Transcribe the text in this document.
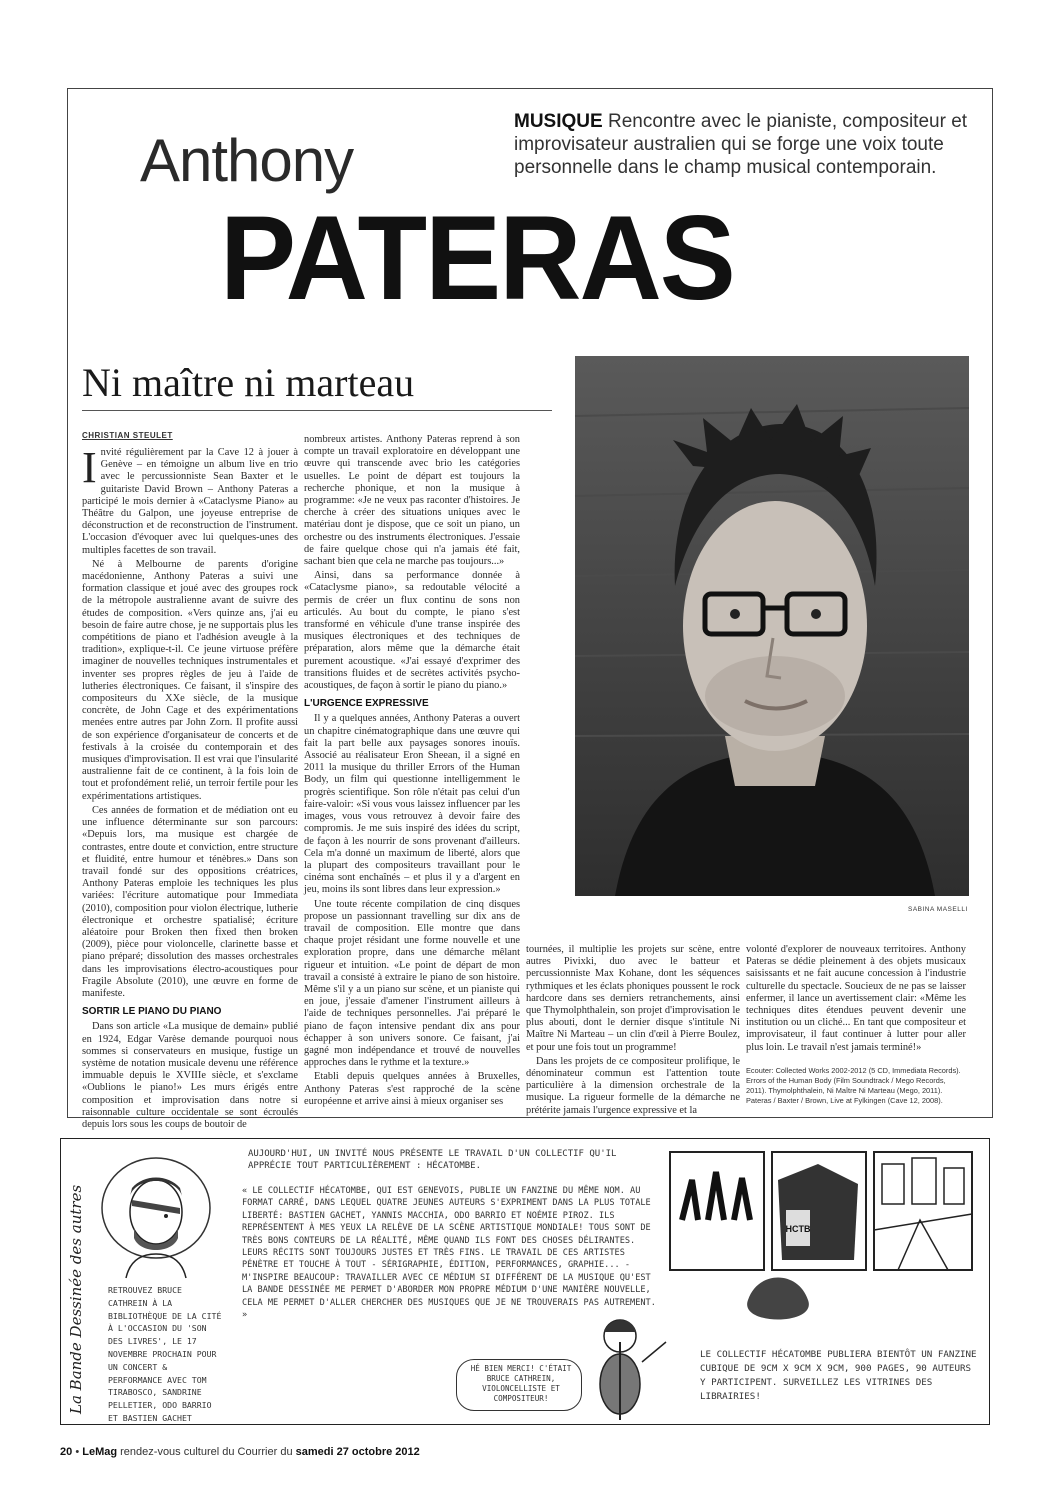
MUSIQUE Rencontre avec le pianiste, compositeur et improvisateur australien qui se forge une voix toute personnelle dans le champ musical contemporain.
Anthony
PATERAS
Ni maître ni marteau
CHRISTIAN STEULET

Invité régulièrement par la Cave 12 à jouer à Genève – en témoigne un album live en trio avec le percussionniste Sean Baxter et le guitariste David Brown – Anthony Pateras a participé le mois dernier à «Cataclysme Piano» au Théâtre du Galpon, une joyeuse entreprise de déconstruction et de reconstruction de l'instrument. L'occasion d'évoquer avec lui quelques-unes des multiples facettes de son travail.

Né à Melbourne de parents d'origine macédonienne, Anthony Pateras a suivi une formation classique et joué avec des groupes rock de la métropole australienne avant de suivre des études de composition. «Vers quinze ans, j'ai eu besoin de faire autre chose, je ne supportais plus les compétitions de piano et l'adhésion aveugle à la tradition», explique-t-il. Ce jeune virtuose préfère imaginer de nouvelles techniques instrumentales et inventer ses propres règles de jeu à l'aide de lutheries électroniques. Ce faisant, il s'inspire des compositeurs du XXe siècle, de la musique concrète, de John Cage et des expérimentations menées entre autres par John Zorn. Il profite aussi de son expérience d'organisateur de concerts et de festivals à la croisée du contemporain et des musiques d'improvisation. Il est vrai que l'insularité australienne fait de ce continent, à la fois loin de tout et profondément relié, un terroir fertile pour les expérimentations artistiques.

Ces années de formation et de médiation ont eu une influence déterminante sur son parcours: «Depuis lors, ma musique est chargée de contrastes, entre doute et conviction, entre structure et fluidité, entre humour et ténèbres.» Dans son travail fondé sur des oppositions créatrices, Anthony Pateras emploie les techniques les plus variées: l'écriture automatique pour Immediata (2010), composition pour violon électrique, lutherie électronique et orchestre spatialisé; écriture aléatoire pour Broken then fixed then broken (2009), pièce pour violoncelle, clarinette basse et piano préparé; dissolution des masses orchestrales dans les improvisations électro-acoustiques pour Fragile Absolute (2010), une œuvre en forme de manifeste.

SORTIR LE PIANO DU PIANO

Dans son article «La musique de demain» publié en 1924, Edgar Varèse demande pourquoi nous sommes si conservateurs en musique, fustige un système de notation musicale devenu une référence immuable depuis le XVIIIe siècle, et s'exclame «Oublions le piano!» Les murs érigés entre composition et improvisation dans notre si raisonnable culture occidentale se sont écroulés depuis lors sous les coups de boutoir de

nombreux artistes. Anthony Pateras reprend à son compte un travail exploratoire en développant une œuvre qui transcende avec brio les catégories usuelles. Le point de départ est toujours la recherche phonique, et non la musique à programme: «Je ne veux pas raconter d'histoires. Je cherche à créer des situations uniques avec le matériau dont je dispose, que ce soit un piano, un orchestre ou des instruments électroniques. J'essaie de faire quelque chose qui n'a jamais été fait, sachant bien que cela ne marche pas toujours...»

Ainsi, dans sa performance donnée à «Cataclysme piano», sa redoutable vélocité a permis de créer un flux continu de sons non articulés. Au bout du compte, le piano s'est transformé en véhicule d'une transe inspirée des musiques électroniques et des techniques de préparation, alors même que la démarche était purement acoustique. «J'ai essayé d'exprimer des transitions fluides et de secrètes activités psycho-acoustiques, de façon à sortir le piano du piano.»

L'URGENCE EXPRESSIVE

Il y a quelques années, Anthony Pateras a ouvert un chapitre cinématographique dans une œuvre qui fait la part belle aux paysages sonores inouïs. Associé au réalisateur Eron Sheean, il a signé en 2011 la musique du thriller Errors of the Human Body, un film qui questionne intelligemment le progrès scientifique. Son rôle n'était pas celui d'un faire-valoir: «Si vous vous laissez influencer par les images, vous vous retrouvez à devoir faire des compromis. Je me suis inspiré des idées du script, de façon à les nourrir de sons provenant d'ailleurs. Cela m'a donné un maximum de liberté, alors que la plupart des compositeurs travaillant pour le cinéma sont enchaînés – et plus il y a d'argent en jeu, moins ils sont libres dans leur expression.»

Une toute récente compilation de cinq disques propose un passionnant travelling sur dix ans de travail de composition. Elle montre que dans chaque projet résidant une forme nouvelle et une exploration propre, dans une démarche mêlant rigueur et intuition. «Le point de départ de mon travail a consisté à extraire le piano de son histoire. Même s'il y a un piano sur scène, et un pianiste qui en joue, j'essaie d'amener l'instrument ailleurs à l'aide de techniques personnelles. J'ai préparé le piano de façon intensive pendant dix ans pour échapper à son univers sonore. Ce faisant, j'ai gagné mon indépendance et trouvé de nouvelles approches dans le rythme et la texture.»

Etabli depuis quelques années à Bruxelles, Anthony Pateras s'est rapproché de la scène européenne et arrive ainsi à mieux organiser ses

SABINA MASELLI

tournées, il multiplie les projets sur scène, entre autres Pivixki, duo avec le batteur et percussionniste Max Kohane, dont les séquences rythmiques et les éclats phoniques poussent le rock hardcore dans ses derniers retranchements, ainsi que Thymolphthalein, son projet d'improvisation le plus abouti, dont le dernier disque s'intitule Ni Maître Ni Marteau – un clin d'œil à Pierre Boulez, et pour une fois tout un programme!

Dans les projets de ce compositeur prolifique, le dénominateur commun est l'attention toute particulière à la dimension orchestrale de la musique. La rigueur formelle de la démarche ne prétérite jamais l'urgence expressive et la

volonté d'explorer de nouveaux territoires. Anthony Pateras se dédie pleinement à des objets musicaux saisissants et ne fait aucune concession à l'industrie culturelle du spectacle. Soucieux de ne pas se laisser enfermer, il lance un avertissement clair: «Même les techniques dites étendues peuvent devenir une institution ou un cliché... En tant que compositeur et improvisateur, il faut continuer à lutter pour aller plus loin. Le travail n'est jamais terminé!»

Ecouter: Collected Works 2002-2012 (5 CD, Immediata Records). Errors of the Human Body (Film Soundtrack / Mego Records, 2011). Thymolphthalein, Ni Maître Ni Marteau (Mego, 2011). Pateras / Baxter / Brown, Live at Fylkingen (Cave 12, 2008).
La Bande Dessinée des autres
AUJOURD'HUI, UN INVITÉ NOUS PRÉSENTE LE TRAVAIL D'UN COLLECTIF QU'IL APPRÉCIE TOUT PARTICULIÈREMENT : HÉCATOMBE.
« LE COLLECTIF HÉCATOMBE, QUI EST GENEVOIS, PUBLIE UN FANZINE DU MÊME NOM. AU FORMAT CARRÉ, DANS LEQUEL QUATRE JEUNES AUTEURS S'EXPRIMENT DANS LA PLUS TOTALE LIBERTÉ: BASTIEN GACHET, YANNIS MACCHIA, ODO BARRIO ET NOÉMIE PIROZ. ILS REPRÉSENTENT À MES YEUX LA RELÈVE DE LA SCÈNE ARTISTIQUE MONDIALE! TOUS SONT DE TRÈS BONS CONTEURS DE LA RÉALITÉ, MÊME QUAND ILS FONT DES CHOSES DÉLIRANTES. LEURS RÉCITS SONT TOUJOURS JUSTES ET TRÈS FINS. LE TRAVAIL DE CES ARTISTES PÉNÈTRE ET TOUCHE À TOUT - SÉRIGRAPHIE, ÉDITION, PERFORMANCES, GRAPHIE... - M'INSPIRE BEAUCOUP: TRAVAILLER AVEC CE MÉDIUM SI DIFFÉRENT DE LA MUSIQUE QU'EST LA BANDE DESSINÉE ME PERMET D'ABORDER MON PROPRE MÉDIUM D'UNE MANIÈRE NOUVELLE, CELA ME PERMET D'ALLER CHERCHER DES MUSIQUES QUE JE NE TROUVERAIS PAS AUTREMENT. »
RETROUVEZ BRUCE CATHREIN À LA BIBLIOTHÈQUE DE LA CITÉ À L'OCCASION DU 'SON DES LIVRES', LE 17 NOVEMBRE PROCHAIN POUR UN CONCERT & PERFORMANCE AVEC TOM TIRABOSCO, SANDRINE PELLETIER, ODO BARRIO ET BASTIEN GACHET
HCTB
HÉ BIEN MERCI! C'ÉTAIT BRUCE CATHREIN, VIOLONCELLISTE ET COMPOSITEUR!
LE COLLECTIF HÉCATOMBE PUBLIERA BIENTÔT UN FANZINE CUBIQUE DE 9CM X 9CM X 9CM, 900 PAGES, 90 AUTEURS Y PARTICIPENT. SURVEILLEZ LES VITRINES DES LIBRAIRIES!
20 • LeMag rendez-vous culturel du Courrier du samedi 27 octobre 2012
